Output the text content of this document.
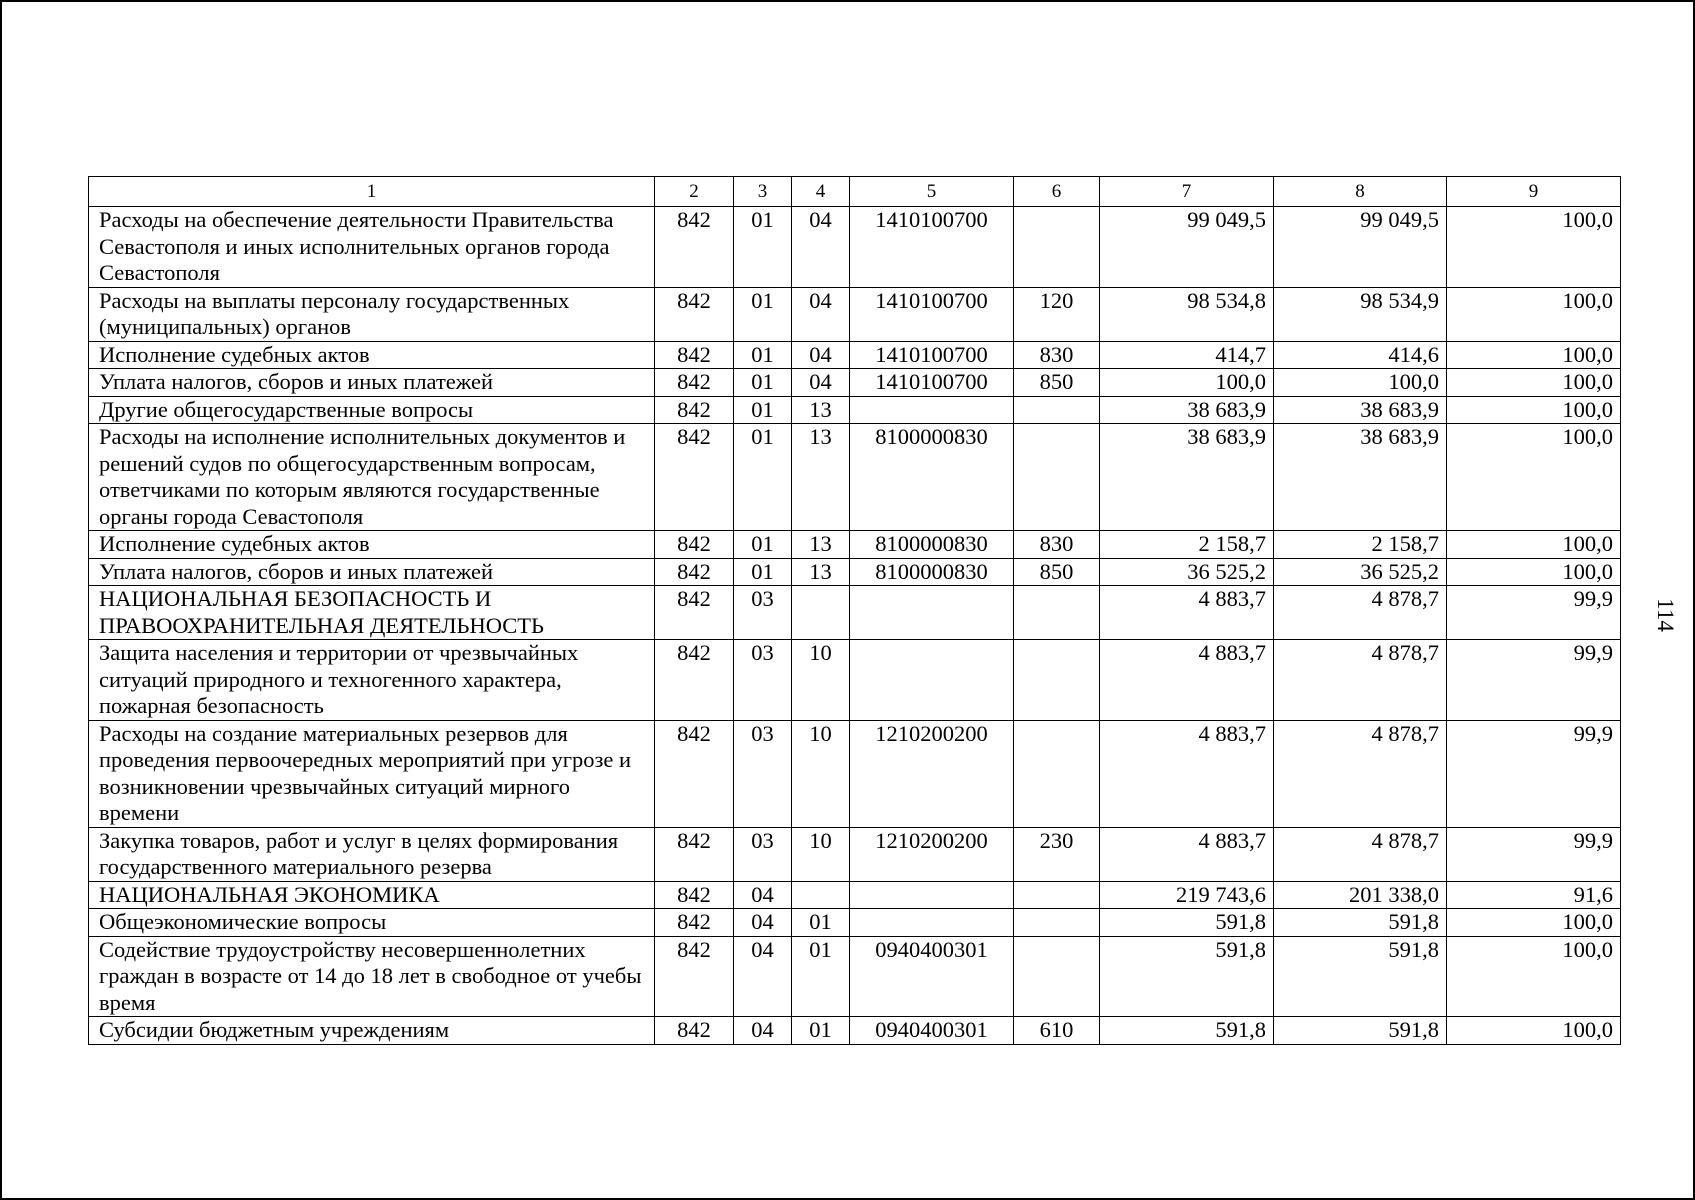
1	2	3	4	5	6	7	8	9
Расходы на обеспечение деятельности Правительства Севастополя и иных исполнительных органов города Севастополя	842	01	04	1410100700		99 049,5	99 049,5	100,0
Расходы на выплаты персоналу государственных (муниципальных) органов	842	01	04	1410100700	120	98 534,8	98 534,9	100,0
Исполнение судебных актов	842	01	04	1410100700	830	414,7	414,6	100,0
Уплата налогов, сборов и иных платежей	842	01	04	1410100700	850	100,0	100,0	100,0
Другие общегосударственные вопросы	842	01	13			38 683,9	38 683,9	100,0
Расходы на исполнение исполнительных документов и решений судов по общегосударственным вопросам, ответчиками по которым являются государственные органы города Севастополя	842	01	13	8100000830		38 683,9	38 683,9	100,0
Исполнение судебных актов	842	01	13	8100000830	830	2 158,7	2 158,7	100,0
Уплата налогов, сборов и иных платежей	842	01	13	8100000830	850	36 525,2	36 525,2	100,0
НАЦИОНАЛЬНАЯ БЕЗОПАСНОСТЬ И ПРАВООХРАНИТЕЛЬНАЯ ДЕЯТЕЛЬНОСТЬ	842	03				4 883,7	4 878,7	99,9
Защита населения и территории от чрезвычайных ситуаций природного и техногенного характера, пожарная безопасность	842	03	10			4 883,7	4 878,7	99,9
Расходы на создание материальных резервов для проведения первоочередных мероприятий при угрозе и возникновении чрезвычайных ситуаций мирного времени	842	03	10	1210200200		4 883,7	4 878,7	99,9
Закупка товаров, работ и услуг в целях формирования государственного материального резерва	842	03	10	1210200200	230	4 883,7	4 878,7	99,9
НАЦИОНАЛЬНАЯ ЭКОНОМИКА	842	04				219 743,6	201 338,0	91,6
Общеэкономические вопросы	842	04	01			591,8	591,8	100,0
Содействие трудоустройству несовершеннолетних граждан в возрасте от 14 до 18 лет в свободное от учебы время	842	04	01	0940400301		591,8	591,8	100,0
Субсидии бюджетным учреждениям	842	04	01	0940400301	610	591,8	591,8	100,0
114
